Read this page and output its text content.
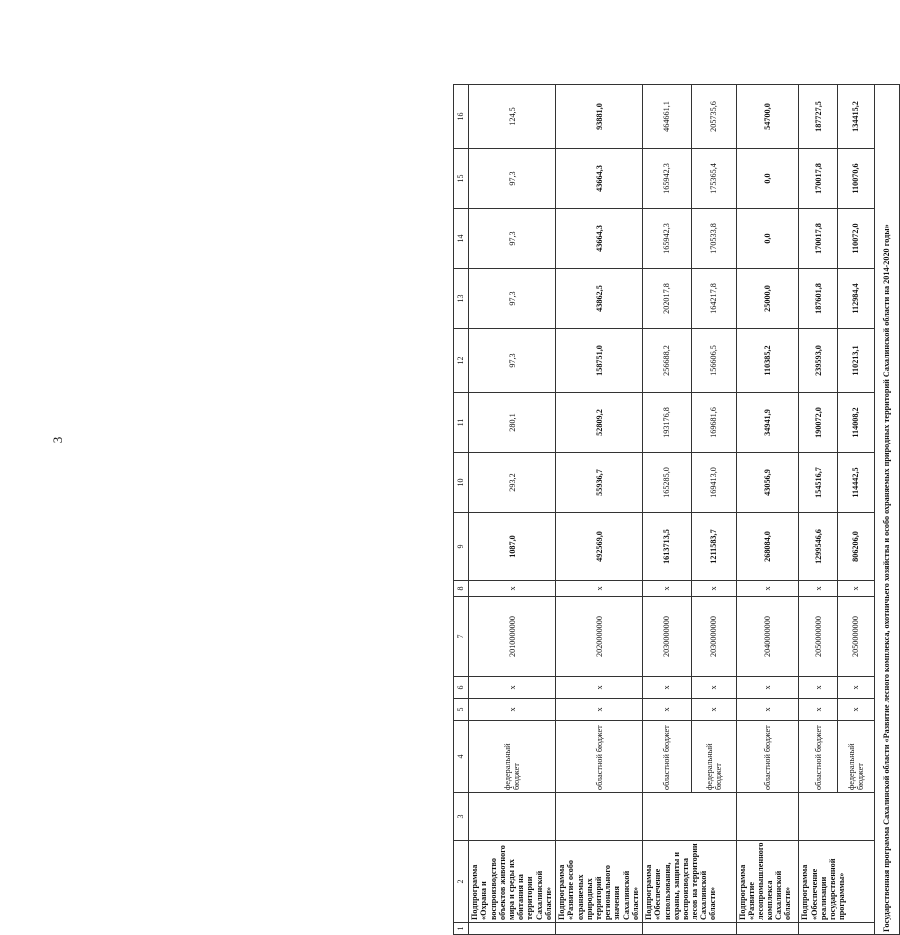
3
1	2	3	4	5	6	7	8	9	10	11	12	13	14	15	16
	Подпрограмма «Охрана и воспроизводство объектов животного мира и среды их обитания на территории Сахалинской области»		федеральный бюджет	х	х	2010000000	х	1087,0	293,2	280,1	97,3	97,3	97,3	97,3	124,5
	Подпрограмма «Развитие особо охраняемых природных территорий регионального значения Сахалинской области»		областной бюджет	х	х	2020000000	х	492569,0	55936,7	52809,2	158751,0	43862,5	43664,3	43664,3	93881,0
	Подпрограмма «Обеспечение использования, охраны, защиты и воспроизводства лесов на территории Сахалинской области»		областной бюджет	х	х	2030000000	х	1613713,5	165285,0	193176,8	256688,2	202017,8	165942,3	165942,3	464661,1
			федеральный бюджет	х	х	2030000000	х	1211583,7	169413,0	169681,6	156606,5	164217,8	170533,8	175365,4	205735,6
	Подпрограмма «Развитие лесопромышленного комплекса Сахалинской области»		областной бюджет	х	х	2040000000	х	268084,0	43056,9	34941,9	110385,2	25000,0	0,0	0,0	54700,0
	Подпрограмма «Обеспечение реализации государственной программы»		областной бюджет	х	х	2050000000	х	1299546,6	154516,7	190072,0	239593,0	187601,8	170017,8	170017,8	187727,5
			федеральный бюджет	х	х	2050000000	х	806206,0	114442,5	114008,2	110213,1	112984,4	110072,0	110070,6	134415,2
Государственная программа Сахалинской области «Развитие лесного комплекса, охотничьего хозяйства и особо охраняемых природных территорий Сахалинской области на 2014-2020 годы»															
